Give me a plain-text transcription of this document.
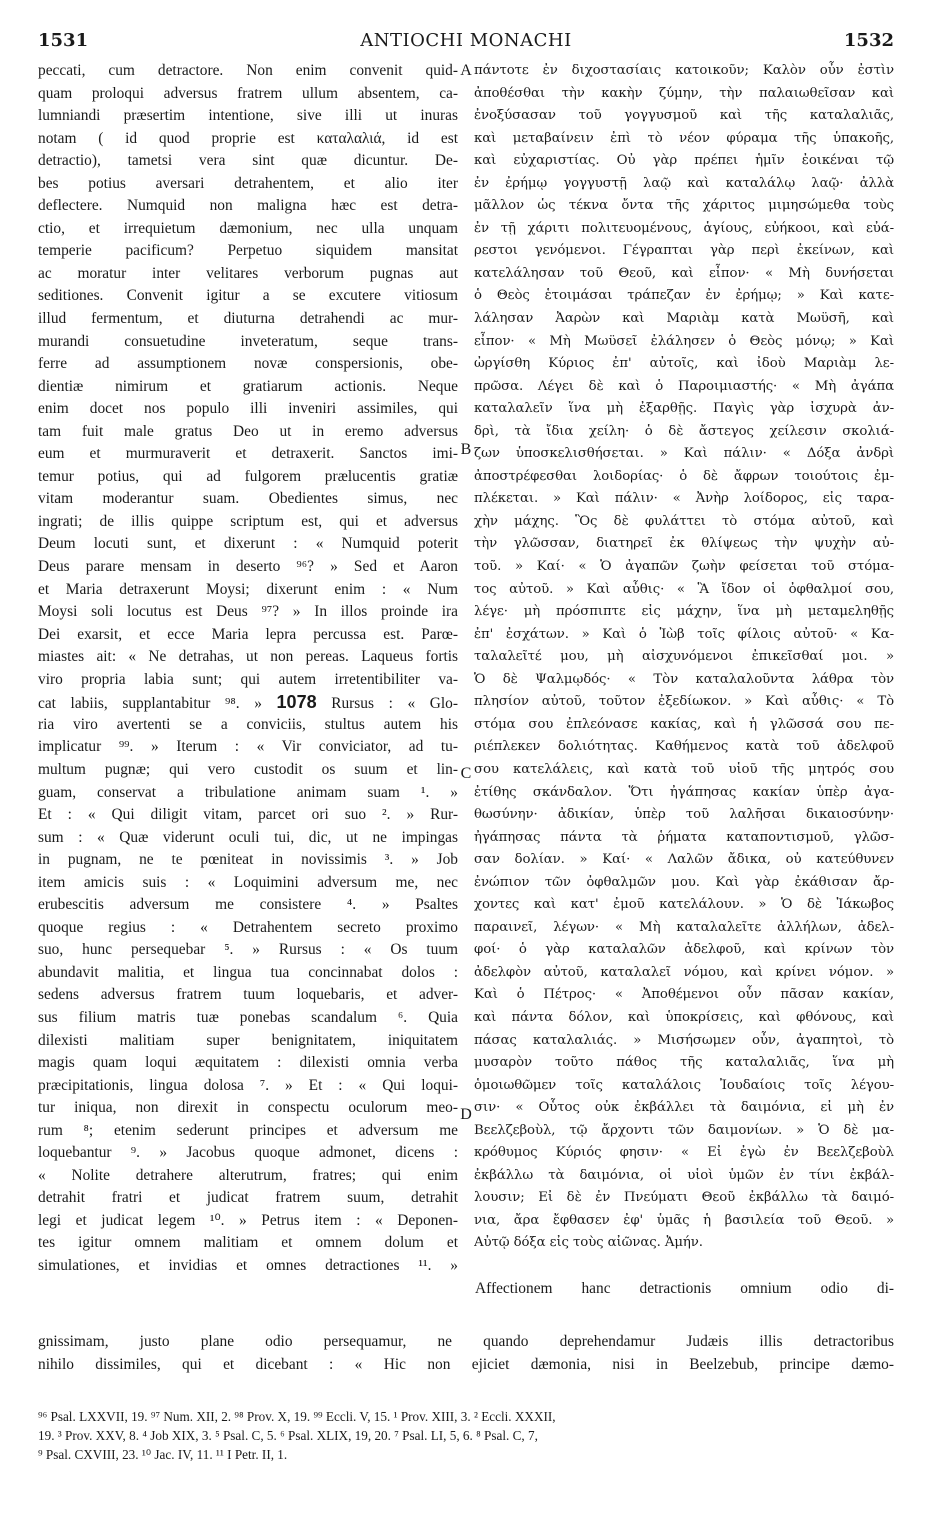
1531	ANTIOCHI MONACHI	1532
peccati, cum detractore. Non enim convenit quid-
quam proloqui adversus fratrem ullum absentem, ca-
lumniandi præsertim intentione, sive illi ut inuras
notam ( id quod proprie est καταλαλιά, id est
detractio), tametsi vera sint quæ dicuntur. De-
bes potius aversari detrahentem, et alio iter
deflectere. Numquid non maligna hæc est detra-
ctio, et irrequietum dæmonium, nec ulla unquam
temperie pacificum? Perpetuo siquidem mansitat
ac moratur inter velitares verborum pugnas aut
seditiones. Convenit igitur a se excutere vitiosum
illud fermentum, et diuturna detrahendi ac mur-
murandi consuetudine inveteratum, seque trans-
ferre ad assumptionem novæ conspersionis, obe-
dientiæ nimirum et gratiarum actionis. Neque
enim docet nos populo illi inveniri assimiles, qui
tam fuit male gratus Deo ut in eremo adversus
eum et murmuraverit et detraxerit. Sanctos imi-
temur potius, qui ad fulgorem prælucentis gratiæ
vitam moderantur suam. Obedientes simus, nec
ingrati; de illis quippe scriptum est, qui et adversus
Deum locuti sunt, et dixerunt : « Numquid poterit
Deus parare mensam in deserto ⁹⁶? » Sed et Aaron
et Maria detraxerunt Moysi; dixerunt enim : « Num
Moysi soli locutus est Deus ⁹⁷? » In illos proinde ira
Dei exarsit, et ecce Maria lepra percussa est. Parœ-
miastes ait: « Ne detrahas, ut non pereas. Laqueus fortis
viro propria labia sunt; qui autem irretentibiliter va-
cat labiis, supplantabitur ⁹⁸. » 1078 Rursus : « Glo-
ria viro avertenti se a conviciis, stultus autem his
implicatur ⁹⁹. » Iterum : « Vir conviciator, ad tu-
multum pugnæ; qui vero custodit os suum et lin-
guam, conservat a tribulatione animam suam ¹. »
Et : « Qui diligit vitam, parcet ori suo ². » Rur-
sum : « Quæ viderunt oculi tui, dic, ut ne impingas
in pugnam, ne te pœniteat in novissimis ³. » Job
item amicis suis : « Loquimini adversum me, nec
erubescitis adversum me consistere ⁴. » Psaltes
quoque regius : « Detrahentem secreto proximo
suo, hunc persequebar ⁵. » Rursus : « Os tuum
abundavit malitia, et lingua tua concinnabat dolos :
sedens adversus fratrem tuum loquebaris, et adver-
sus filium matris tuæ ponebas scandalum ⁶. Quia
dilexisti malitiam super benignitatem, iniquitatem
magis quam loqui æquitatem : dilexisti omnia verba
præcipitationis, lingua dolosa ⁷. » Et : « Qui loqui-
tur iniqua, non direxit in conspectu oculorum meo-
rum ⁸; etenim sederunt principes et adversum me
loquebantur ⁹. » Jacobus quoque admonet, dicens :
« Nolite detrahere alterutrum, fratres; qui enim
detrahit fratri et judicat fratrem suum, detrahit
legi et judicat legem ¹⁰. » Petrus item : « Deponen-
tes igitur omnem malitiam et omnem dolum et
simulationes, et invidias et omnes detractiones ¹¹. »
Affectionem hanc detractionis omnium odio di-
πάντοτε ἐν διχοστασίαις κατοικοῦν; Καλὸν οὖν ἐστὶν
ἀποθέσθαι τὴν κακὴν ζύμην, τὴν παλαιωθεῖσαν καὶ
ἐνοξύσασαν τοῦ γογγυσμοῦ καὶ τῆς καταλαλιᾶς,
καὶ μεταβαίνειν ἐπὶ τὸ νέον φύραμα τῆς ὑπακοῆς,
καὶ εὐχαριστίας. Οὐ γὰρ πρέπει ἡμῖν ἐοικέναι τῷ
ἐν ἐρήμῳ γογγυστῇ λαῷ καὶ καταλάλῳ λαῷ· ἀλλὰ
μᾶλλον ὡς τέκνα ὄντα τῆς χάριτος μιμησώμεθα τοὺς
ἐν τῇ χάριτι πολιτευομένους, ἁγίους, εὐήκοοι, καὶ εὐά-
ρεστοι γενόμενοι. Γέγραπται γὰρ περὶ ἐκείνων, καὶ
κατελάλησαν τοῦ Θεοῦ, καὶ εἶπον· « Μὴ δυνήσεται
ὁ Θεὸς ἑτοιμάσαι τράπεζαν ἐν ἐρήμῳ; » Καὶ κατε-
λάλησαν Ἀαρὼν καὶ Μαριὰμ κατὰ Μωϋσῆ, καὶ
εἶπον· « Μὴ Μωϋσεῖ ἐλάλησεν ὁ Θεὸς μόνῳ; » Καὶ
ὠργίσθη Κύριος ἐπ' αὐτοῖς, καὶ ἰδοὺ Μαριὰμ λε-
πρῶσα. Λέγει δὲ καὶ ὁ Παροιμιαστής· « Μὴ ἀγάπα
καταλαλεῖν ἵνα μὴ ἐξαρθῇς. Παγὶς γὰρ ἰσχυρὰ ἀν-
δρὶ, τὰ ἴδια χείλη· ὁ δὲ ἄστεγος χείλεσιν σκολιά-
ζων ὑποσκελισθήσεται. » Καὶ πάλιν· « Δόξα ἀνδρὶ
ἀποστρέφεσθαι λοιδορίας· ὁ δὲ ἄφρων τοιούτοις ἐμ-
πλέκεται. » Καὶ πάλιν· « Ἀνὴρ λοίδορος, εἰς ταρα-
χὴν μάχης. Ὃς δὲ φυλάττει τὸ στόμα αὐτοῦ, καὶ
τὴν γλῶσσαν, διατηρεῖ ἐκ θλίψεως τὴν ψυχὴν αὐ-
τοῦ. » Καί· « Ὁ ἀγαπῶν ζωὴν φείσεται τοῦ στόμα-
τος αὐτοῦ. » Καὶ αὖθις· « Ἃ ἴδον οἱ ὀφθαλμοί σου,
λέγε· μὴ πρόσπιπτε εἰς μάχην, ἵνα μὴ μεταμεληθῇς
ἐπ' ἐσχάτων. » Καὶ ὁ Ἰὼβ τοῖς φίλοις αὐτοῦ· « Κα-
ταλαλεῖτέ μου, μὴ αἰσχυνόμενοι ἐπικεῖσθαί μοι. »
Ὁ δὲ Ψαλμῳδός· « Τὸν καταλαλοῦντα λάθρα τὸν
πλησίον αὐτοῦ, τοῦτον ἐξεδίωκον. » Καὶ αὖθις· « Τὸ
στόμα σου ἐπλεόνασε κακίας, καὶ ἡ γλῶσσά σου πε-
ριέπλεκεν δολιότητας. Καθήμενος κατὰ τοῦ ἀδελφοῦ
σου κατελάλεις, καὶ κατὰ τοῦ υἱοῦ τῆς μητρός σου
ἐτίθης σκάνδαλον. Ὅτι ἠγάπησας κακίαν ὑπὲρ ἀγα-
θωσύνην· ἀδικίαν, ὑπὲρ τοῦ λαλῆσαι δικαιοσύνην·
ἠγάπησας πάντα τὰ ῥήματα καταποντισμοῦ, γλῶσ-
σαν δολίαν. » Καί· « Λαλῶν ἄδικα, οὐ κατεύθυνεν
ἐνώπιον τῶν ὀφθαλμῶν μου. Καὶ γὰρ ἐκάθισαν ἄρ-
χοντες καὶ κατ' ἐμοῦ κατελάλουν. » Ὁ δὲ Ἰάκωβος
παραινεῖ, λέγων· « Μὴ καταλαλεῖτε ἀλλήλων, ἀδελ-
φοί· ὁ γὰρ καταλαλῶν ἀδελφοῦ, καὶ κρίνων τὸν
ἀδελφὸν αὐτοῦ, καταλαλεῖ νόμου, καὶ κρίνει νόμον. »
Καὶ ὁ Πέτρος· « Ἀποθέμενοι οὖν πᾶσαν κακίαν,
καὶ πάντα δόλον, καὶ ὑποκρίσεις, καὶ φθόνους, καὶ
πάσας καταλαλιάς. » Μισήσωμεν οὖν, ἀγαπητοὶ, τὸ
μυσαρὸν τοῦτο πάθος τῆς καταλαλιᾶς, ἵνα μὴ
ὁμοιωθῶμεν τοῖς καταλάλοις Ἰουδαίοις τοῖς λέγου-
σιν· « Οὗτος οὐκ ἐκβάλλει τὰ δαιμόνια, εἰ μὴ ἐν
Βεελζεβοὺλ, τῷ ἄρχοντι τῶν δαιμονίων. » Ὁ δὲ μα-
κρόθυμος Κύριός φησιν· « Εἰ ἐγὼ ἐν Βεελζεβοὺλ
ἐκβάλλω τὰ δαιμόνια, οἱ υἱοὶ ὑμῶν ἐν τίνι ἐκβάλ-
λουσιν; Εἰ δὲ ἐν Πνεύματι Θεοῦ ἐκβάλλω τὰ δαιμό-
νια, ἄρα ἔφθασεν ἐφ' ὑμᾶς ἡ βασιλεία τοῦ Θεοῦ. »
Αὐτῷ δόξα εἰς τοὺς αἰῶνας. Ἀμήν.
A
B
C
D
gnissimam, justo plane odio persequamur, ne quando deprehendamur Judæis illis detractoribus
nihilo dissimiles, qui et dicebant : « Hic non ejiciet dæmonia, nisi in Beelzebub, principe dæmo-
⁹⁶ Psal. LXXVII, 19. ⁹⁷ Num. XII, 2. ⁹⁸ Prov. X, 19. ⁹⁹ Eccli. V, 15. ¹ Prov. XIII, 3. ² Eccli. XXXII,
19. ³ Prov. XXV, 8. ⁴ Job XIX, 3. ⁵ Psal. C, 5. ⁶ Psal. XLIX, 19, 20. ⁷ Psal. LI, 5, 6. ⁸ Psal. C, 7,
⁹ Psal. CXVIII, 23. ¹⁰ Jac. IV, 11. ¹¹ I Petr. II, 1.
